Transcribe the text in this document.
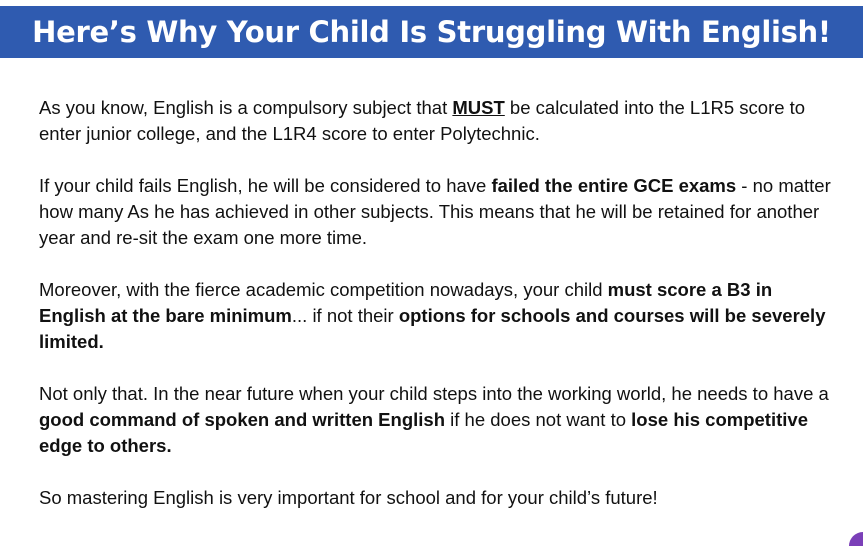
Here’s Why Your Child Is Struggling With English!

As you know, English is a compulsory subject that MUST be calculated into the L1R5 score to enter junior college, and the L1R4 score to enter Polytechnic.

If your child fails English, he will be considered to have failed the entire GCE exams - no matter how many As he has achieved in other subjects. This means that he will be retained for another year and re-sit the exam one more time.

Moreover, with the fierce academic competition nowadays, your child must score a B3 in English at the bare minimum... if not their options for schools and courses will be severely limited.

Not only that. In the near future when your child steps into the working world, he needs to have a good command of spoken and written English if he does not want to lose his competitive edge to others.

So mastering English is very important for school and for your child’s future!
